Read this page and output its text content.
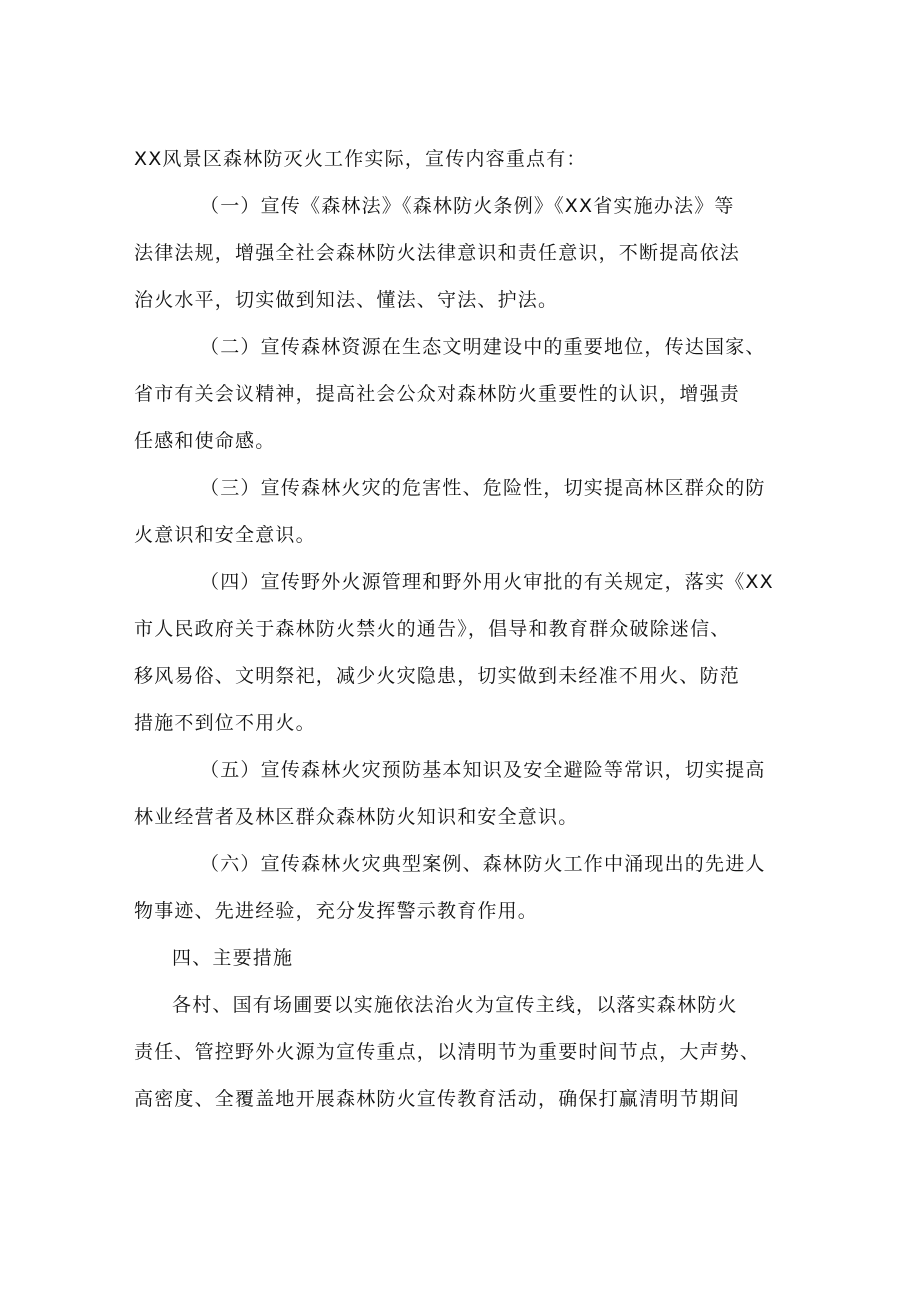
XX风景区森林防灭火工作实际，宣传内容重点有：
（一）宣传《森林法》《森林防火条例》《XX省实施办法》等
法律法规，增强全社会森林防火法律意识和责任意识，不断提高依法
治火水平，切实做到知法、懂法、守法、护法。
（二）宣传森林资源在生态文明建设中的重要地位，传达国家、
省市有关会议精神，提高社会公众对森林防火重要性的认识，增强责
任感和使命感。
（三）宣传森林火灾的危害性、危险性，切实提高林区群众的防
火意识和安全意识。
（四）宣传野外火源管理和野外用火审批的有关规定，落实《XX
市人民政府关于森林防火禁火的通告》，倡导和教育群众破除迷信、
移风易俗、文明祭祀，减少火灾隐患，切实做到未经准不用火、防范
措施不到位不用火。
（五）宣传森林火灾预防基本知识及安全避险等常识，切实提高
林业经营者及林区群众森林防火知识和安全意识。
（六）宣传森林火灾典型案例、森林防火工作中涌现出的先进人
物事迹、先进经验，充分发挥警示教育作用。
四、主要措施
各村、国有场圃要以实施依法治火为宣传主线，以落实森林防火
责任、管控野外火源为宣传重点，以清明节为重要时间节点，大声势、
高密度、全覆盖地开展森林防火宣传教育活动，确保打赢清明节期间
